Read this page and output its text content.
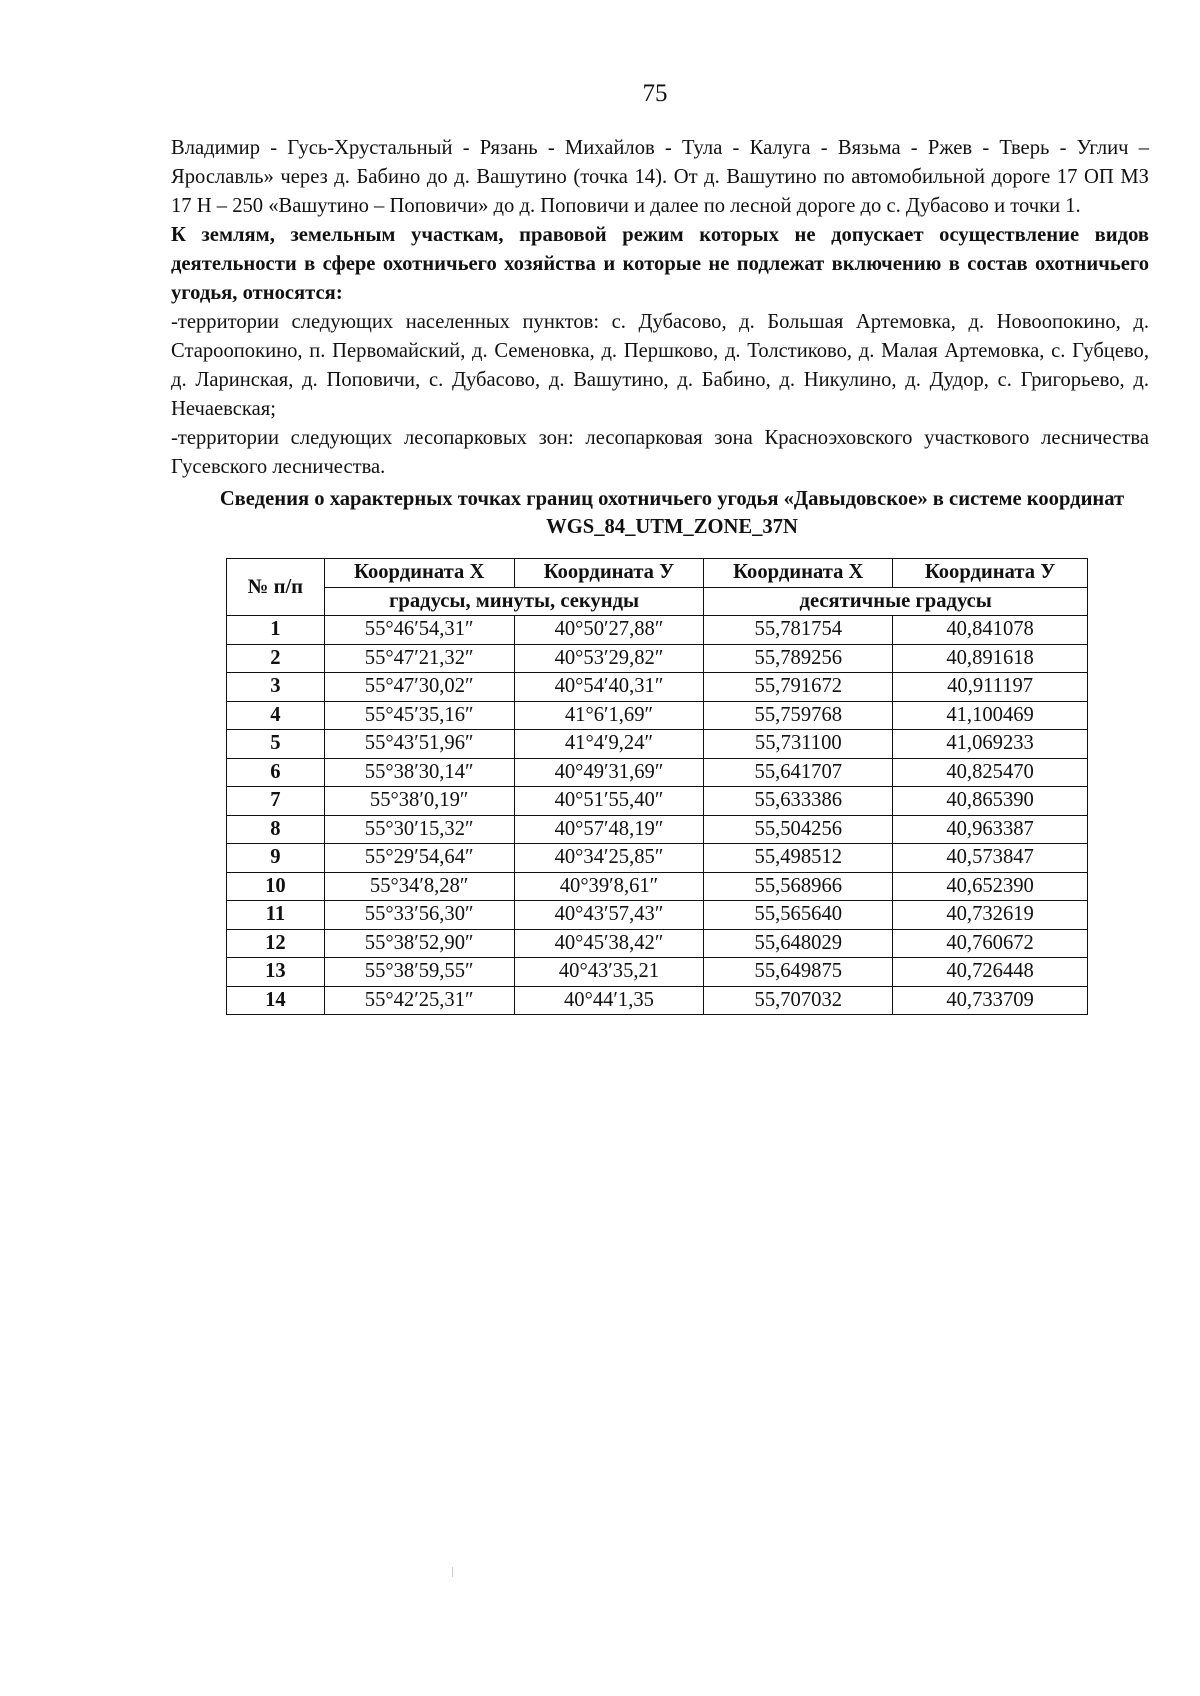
75

Владимир - Гусь-Хрустальный - Рязань - Михайлов - Тула - Калуга - Вязьма - Ржев - Тверь - Углич – Ярославль» через д. Бабино до д. Вашутино (точка 14). От д. Вашутино по автомобильной дороге 17 ОП МЗ 17 Н – 250 «Вашутино – Поповичи» до д. Поповичи и далее по лесной дороге до с. Дубасово и точки 1.

К землям, земельным участкам, правовой режим которых не допускает осуществление видов деятельности в сфере охотничьего хозяйства и которые не подлежат включению в состав охотничьего угодья, относятся:

-территории следующих населенных пунктов: с. Дубасово, д. Большая Артемовка, д. Новоопокино, д. Староопокино, п. Первомайский, д. Семеновка, д. Першково, д. Толстиково, д. Малая Артемовка, с. Губцево, д. Ларинская, д. Поповичи, с. Дубасово, д. Вашутино, д. Бабино, д. Никулино, д. Дудор, с. Григорьево, д. Нечаевская;

-территории следующих лесопарковых зон: лесопарковая зона Красноэховского участкового лесничества Гусевского лесничества.

Сведения о характерных точках границ охотничьего угодья «Давыдовское» в системе координат WGS_84_UTM_ZONE_37N

№ п/п	Координата Х	Координата У	Координата Х	Координата У
	градусы, минуты, секунды		десятичные градусы	
1	55°46′54,31″	40°50′27,88″	55,781754	40,841078
2	55°47′21,32″	40°53′29,82″	55,789256	40,891618
3	55°47′30,02″	40°54′40,31″	55,791672	40,911197
4	55°45′35,16″	41°6′1,69″	55,759768	41,100469
5	55°43′51,96″	41°4′9,24″	55,731100	41,069233
6	55°38′30,14″	40°49′31,69″	55,641707	40,825470
7	55°38′0,19″	40°51′55,40″	55,633386	40,865390
8	55°30′15,32″	40°57′48,19″	55,504256	40,963387
9	55°29′54,64″	40°34′25,85″	55,498512	40,573847
10	55°34′8,28″	40°39′8,61″	55,568966	40,652390
11	55°33′56,30″	40°43′57,43″	55,565640	40,732619
12	55°38′52,90″	40°45′38,42″	55,648029	40,760672
13	55°38′59,55″	40°43′35,21	55,649875	40,726448
14	55°42′25,31″	40°44′1,35	55,707032	40,733709
